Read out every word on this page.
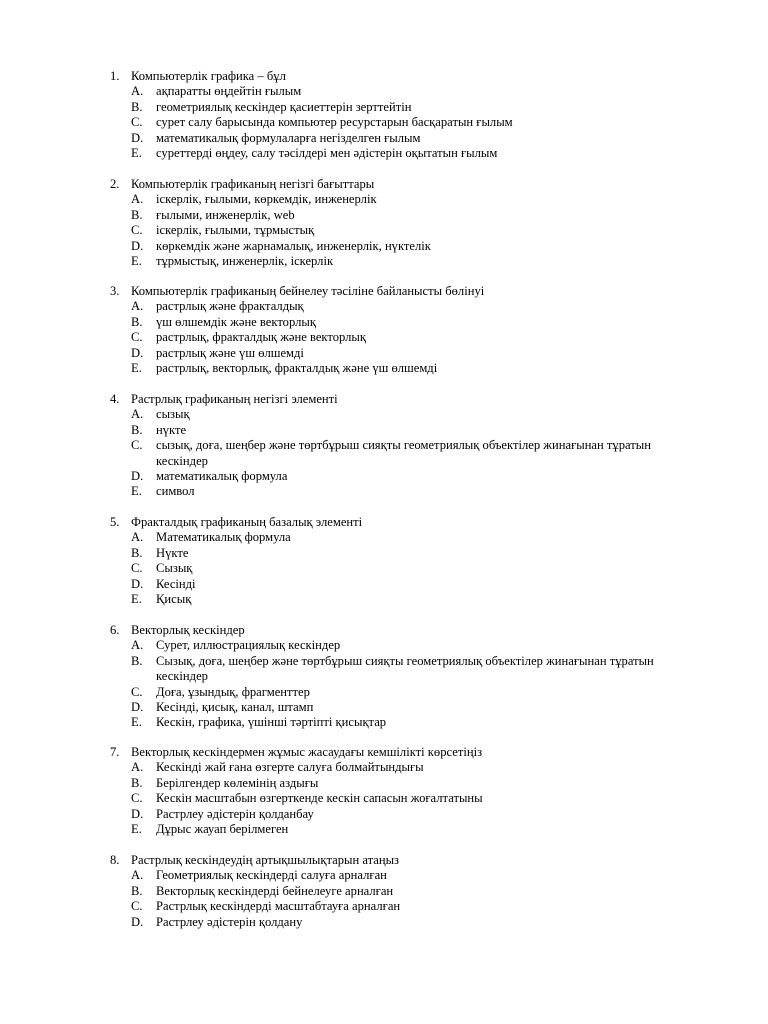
1. Компьютерлік графика – бұл
A.	ақпаратты өңдейтін ғылым
B.	геометриялық кескіндер қасиеттерін зерттейтін
C.	сурет салу барысында компьютер ресурстарын басқаратын ғылым
D.	математикалық формулаларға негізделген ғылым
E.	суреттерді өңдеу, салу тәсілдері мен әдістерін оқытатын ғылым
2. Компьютерлік графиканың негізгі бағыттары
A.	іскерлік, ғылыми, көркемдік, инженерлік
B.	ғылыми, инженерлік, web
C.	іскерлік, ғылыми, тұрмыстық
D.	көркемдік және жарнамалық, инженерлік, нүктелік
E.	тұрмыстық, инженерлік, іскерлік
3. Компьютерлік графиканың бейнелеу тәсіліне байланысты бөлінуі
A.	растрлық және фракталдық
B.	үш өлшемдік және векторлық
C.	растрлық, фракталдық және векторлық
D.	растрлық және үш өлшемді
E.	растрлық, векторлық, фракталдық және үш өлшемді
4. Растрлық графиканың негізгі элементі
A.	сызық
B.	нүкте
C.	сызық, доға, шеңбер және төртбұрыш сияқты геометриялық объектілер жинағынан тұратын кескіндер
D.	математикалық формула
E.	символ
5. Фракталдық графиканың базалық элементі
A.	Математикалық формула
B.	Нүкте
C.	Сызық
D.	Кесінді
E.	Қисық
6. Векторлық кескіндер
A.	Сурет, иллюстрациялық кескіндер
B.	Сызық, доға, шеңбер және төртбұрыш сияқты геометриялық объектілер жинағынан тұратын кескіндер
C.	Доға, ұзындық, фрагменттер
D.	Кесінді, қисық, канал, штамп
E.	Кескін, графика, үшінші тәртіпті қисықтар
7. Векторлық кескіндермен жұмыс жасаудағы кемшілікті көрсетіңіз
A.	Кескінді жай ғана өзгерте салуға болмайтындығы
B.	Берілгендер көлемінің аздығы
C.	Кескін масштабын өзгерткенде кескін сапасын жоғалтатыны
D.	Растрлеу әдістерін қолданбау
E.	Дұрыс жауап берілмеген
8. Растрлық кескіндеудің артықшылықтарын атаңыз
A.	Геометриялық кескіндерді салуға арналған
B.	Векторлық кескіндерді бейнелеуге арналған
C.	Растрлық кескіндерді масштабтауға арналған
D.	Растрлеу әдістерін қолдану
